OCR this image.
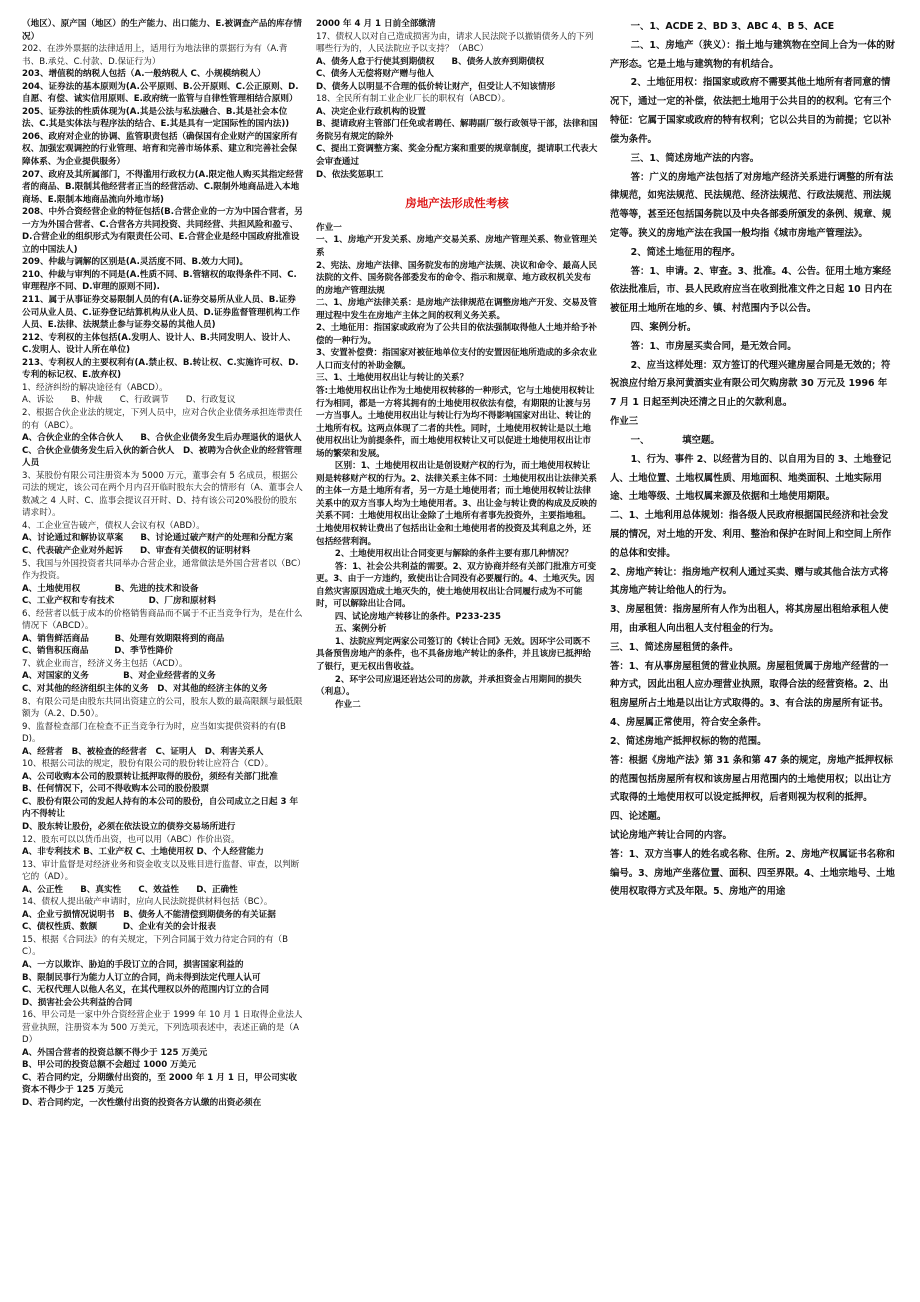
（地区）、原产国（地区）的生产能力、出口能力、E.被调查产品的库存情况）

202、在涉外票据的法律适用上，适用行为地法律的票据行为有（A.背书、B.承兑、C.付款、D.保证行为）

203、增值税的纳税人包括（A.一般纳税人 C、小规模纳税人）

204、证券法的基本原则为(A.公平原则、B.公开原则、C.公正原则、D.自愿、有偿、诚实信用原则、E.政府统一监管与自律性管理相结合原则）

205、证券法的性质体现为(A.其是公法与私法融合、B.其是社会本位法、C.其是实体法与程序法的结合、E.其是具有一定国际性的国内法))

206、政府对企业的协调、监管职责包括（确保国有企业财产的国家所有权、加强宏观调控的行业管理、培育和完善市场体系、建立和完善社会保障体系、为企业提供服务）

207、政府及其所属部门，不得滥用行政权力(A.限定他人购买其指定经营者的商品、B.限制其他经营者正当的经营活动、C.限制外地商品进入本地商场、E.限制本地商品流向外地市场)

208、中外合资经营企业的特征包括(B.合营企业的一方为中国合营者，另一方为外国合营者、C.合营各方共同投资、共同经营、共担风险和盈亏、D.合营企业的组织形式为有限责任公司、E.合营企业是经中国政府批准设立的中国法人)

209、仲裁与调解的区别是(A.灵活度不同、B.效力大同)。

210、仲裁与审判的不同是(A.性质不同、B.管辖权的取得条件不同、C.审理程序不同、D.审理的原则不同).

211、属于从事证券交易限制人员的有(A.证券交易所从业人员、B.证券公司从业人员、C.证券登记结算机构从业人员、D.证券监督管理机构工作人员、E.法律、法规禁止参与证券交易的其他人员)

212、专利权的主体包括(A.发明人、设计人、B.共同发明人、设计人、C.发明人、设计人所在单位)

213、专利权人的主要权利有(A.禁止权、B.转让权、C.实施许可权、D.专利的标记权、E.放弃权)

1、经济纠纷的解决途径有（ABCD）。

A、诉讼　　B、仲裁　　C、行政调节　　D、行政复议

2、根据合伙企业法的规定，下列人员中，应对合伙企业债务承担连带责任的有（ABC）。

A、合伙企业的全体合伙人　　B、合伙企业债务发生后办理退伙的退伙人　　C、合伙企业债务发生后入伙的新合伙人　D、被聘为合伙企业的经营管理人员

3、某股份有限公司注册资本为 5000 万元，董事会有 5 名成员，根据公司法的规定，该公司在两个月内召开临时股东大会的情形有（A、董事会人数减之 4 人时、C、监事会提议召开时、D、持有该公司20%股份的股东请求时）。

4、工企业宣告破产，债权人会议有权（ABD）。

A、讨论通过和解协议草案　　B、讨论通过破产财产的处理和分配方案　　C、代表破产企业对外起诉　　D、审查有关债权的证明材料

5、我国与外国投资者共同举办合营企业，通常做法是外国合营者以（BC）作为投资。

A、土地使用权　　　　B、先进的技术和设备

C、工业产权和专有技术　　　　D、厂房和原材料

6、经营者以低于成本的价格销售商品而不属于不正当竞争行为，是在什么情况下（ABCD）。

A、销售鲜活商品　　　B、处理有效期限将到的商品

C、销售积压商品　　　D、季节性降价

7、就企业而言，经济义务主包括（ACD）。

A、对国家的义务　　　　B、对企业经营者的义务

C、对其他的经济组织主体的义务　D、对其他的经济主体的义务

8、有限公司是由股东共同出资建立的公司，股东人数的最高限额与最低限额为（A.2、D.50）。

9、监督检查部门在检查不正当竞争行为时，应当如实提供资料的有(BD)。

A、经营者　B、被检查的经营者　C、证明人　D、利害关系人

10、根据公司法的规定，股份有限公司的股份转让应符合（CD）。

A、公司收购本公司的股票转让抵押取得的股份，须经有关部门批准

B、任何情况下，公司不得收购本公司的股份股票

C、股份有限公司的发起人持有的本公司的股份，自公司成立之日起 3 年内不得转让

D、股东转让股份，必须在依法设立的债券交易场所进行

12、股东可以以货币出资，也可以用（ABC）作价出资。

A、非专利技术 B、工业产权 C、土地使用权 D、个人经营能力

13、审计监督是对经济业务和资金收支以及账目进行监督、审查，以判断它的（AD）。

A、公正性　　B、真实性　　C、效益性　　D、正确性

14、债权人提出破产申请时，应向人民法院提供材料包括（BC）。

A、企业亏损情况说明书　B、债务人不能清偿到期债务的有关证据

C、债权性质、数额　　　D、企业有关的会计报表

15、根据《合同法》的有关规定，下列合同属于效力待定合同的有（BC）。

A、一方以欺诈、胁迫的手段订立的合同，损害国家利益的

B、限制民事行为能力人订立的合同，尚未得到法定代理人认可

C、无权代理人以他人名义，在其代理权以外的范围内订立的合同

D、损害社会公共利益的合同

16、甲公司是一家中外合资经营企业于 1999 年 10 月 1 日取得企业法人营业执照，注册资本为 500 万美元，下列选项表述中，表述正确的是（AD）

A、外国合营者的投资总额不得少于 125 万美元

B、甲公司的投资总额不会超过 1000 万美元

C、若合同约定，分期缴付出资的，至 2000 年 1 月 1 日，甲公司实收资本不得少于 125 万美元

D、若合同约定，一次性缴付出资的投资各方认缴的出资必须在

2000 年 4 月 1 日前全部缴清

17、债权人以对自己造成损害为由，请求人民法院予以撤销债务人的下列哪些行为的，人民法院应予以支持？（ABC）

A、债务人怠于行使其到期债权　　B、债务人放弃到期债权

C、债务人无偿将财产赠与他人

D、债务人以明显不合理的低价转让财产，但受让人不知该情形

18、全民所有制工业企业厂长的职权有（ABCD）。

A、决定企业行政机构的设置

B、提请政府主管部门任免或者聘任、解聘副厂级行政领导干部，法律和国务院另有规定的除外

C、提出工资调整方案、奖金分配方案和重要的规章制度，提请职工代表大会审查通过

D、依法奖惩职工

房地产法形成性考核

作业一

一、1、房地产开发关系、房地产交易关系、房地产管理关系、物业管理关系

2、宪法、房地产法律、国务院发布的房地产法规、决议和命令、最高人民法院的文件、国务院各部委发布的命令、指示和规章、地方政权机关发布的房地产管理法规

二、1、房地产法律关系：是房地产法律规范在调整房地产开发、交易及管理过程中发生在房地产主体之间的权利义务关系。

2、土地征用：指国家或政府为了公共目的依法强制取得他人土地并给予补偿的一种行为。

3、安置补偿费：指国家对被征地单位支付的安置因征地所造成的多余农业人口而支付的补助金额。

三、1、土地使用权出让与转让的关系？

答:土地使用权出让作为土地使用权转移的一种形式，它与土地使用权转让行为相同，都是一方将其拥有的土地使用权依法有偿，有期限的让渡与另一方当事人。土地使用权出让与转让行为均不得影响国家对出让、转让的土地所有权。这两点体现了二者的共性。同时，土地使用权转让是以土地使用权出让为前提条件，而土地使用权转让又可以促进土地使用权出让市场的繁荣和发展。

区别：1、土地使用权出让是创设财产权的行为，而土地使用权转让则是转移财产权的行为。2、法律关系主体不同：土地使用权出让法律关系的主体一方是土地所有者，另一方是土地使用者；而土地使用权转让法律关系中的双方当事人均为土地使用者。3、出让金与转让费的构成及反映的关系不同：土地使用权出让金除了土地所有者事先投资外，主要指地租。土地使用权转让费出了包括出让金和土地使用者的投资及其利息之外，还包括经营利润。

2、土地使用权出让合同变更与解除的条件主要有那几种情况？

答：1、社会公共利益的需要。2、双方协商并经有关部门批准方可变更。3、由于一方违约，致使出让合同没有必要履行的。4、土地灭失。因自然灾害原因造成土地灭失的，使土地使用权出让合同履行成为不可能时，可以解除出让合同。

四、试论房地产转移让的条件。P233-235

五、案例分析

1、法院应判定两家公司签订的《转让合同》无效。因环宇公司既不具备预售房地产的条件，也不具备房地产转让的条件，并且该房已抵押给了银行，更无权出售收益。

2、环宇公司应退还岩达公司的房款，并承担资金占用期间的损失（利息）。

作业二

一、1、ACDE 2、BD 3、ABC 4、B 5、ACE

二、1、房地产（狭义）：指土地与建筑物在空间上合为一体的财产形态。它是土地与建筑物的有机结合。

2、土地征用权：指国家或政府不需要其他土地所有者同意的情况下，通过一定的补偿，依法把土地用于公共目的的权利。它有三个特征：它属于国家或政府的特有权利；它以公共目的为前提；它以补偿为条件。

三、1、简述房地产法的内容。

答：广义的房地产法包括了对房地产经济关系进行调整的所有法律规范，如宪法规范、民法规范、经济法规范、行政法规范、刑法规范等等，甚至还包括国务院以及中央各部委所颁发的条例、规章、规定等。狭义的房地产法在我国一般均指《城市房地产管理法》。

2、简述土地征用的程序。

答：1、申请。2、审查。3、批准。4、公告。征用土地方案经依法批准后，市、县人民政府应当在收到批准文件之日起 10 日内在被征用土地所在地的乡、镇、村范围内予以公告。

四、案例分析。

答：1、市房屋买卖合同，是无效合同。

2、应当这样处理：双方签订的代理兴建房屋合同是无效的；符祝浪应付给万泉河黄酒实业有限公司欠购房款 30 万元及 1996 年 7 月 1 日起至判决还清之日止的欠款利息。

作业三

一、　　　　填空题。

1、行为、事件 2、以经营为目的、以自用为目的 3、土地登记人、土地位置、土地权属性质、用地面积、地类面积、土地实际用途、土地等级、土地权属来源及依据和土地使用期限。

二、1、土地利用总体规划：指各级人民政府根据国民经济和社会发展的情况，对土地的开发、利用、整治和保护在时间上和空间上所作的总体和安排。

2、房地产转让：指房地产权利人通过买卖、赠与或其他合法方式将其房地产转让给他人的行为。

3、房屋租赁：指房屋所有人作为出租人，将其房屋出租给承租人使用，由承租人向出租人支付租金的行为。

三、1、简述房屋租赁的条件。

答：1、有从事房屋租赁的营业执照。房屋租赁属于房地产经营的一种方式，因此出租人应办理营业执照，取得合法的经营资格。2、出租房屋所占土地是以出让方式取得的。3、有合法的房屋所有证书。4、房屋属正常使用，符合安全条件。

2、简述房地产抵押权标的物的范围。

答：根据《房地产法》第 31 条和第 47 条的规定，房地产抵押权标的范围包括房屋所有权和该房屋占用范围内的土地使用权；以出让方式取得的土地使用权可以设定抵押权，后者则视为权利的抵押。

四、论述题。

试论房地产转让合同的内容。

答：1、双方当事人的姓名或名称、住所。2、房地产权属证书名称和编号。3、房地产坐落位置、面积、四至界限。4、土地宗地号、土地使用权取得方式及年限。5、房地产的用途
